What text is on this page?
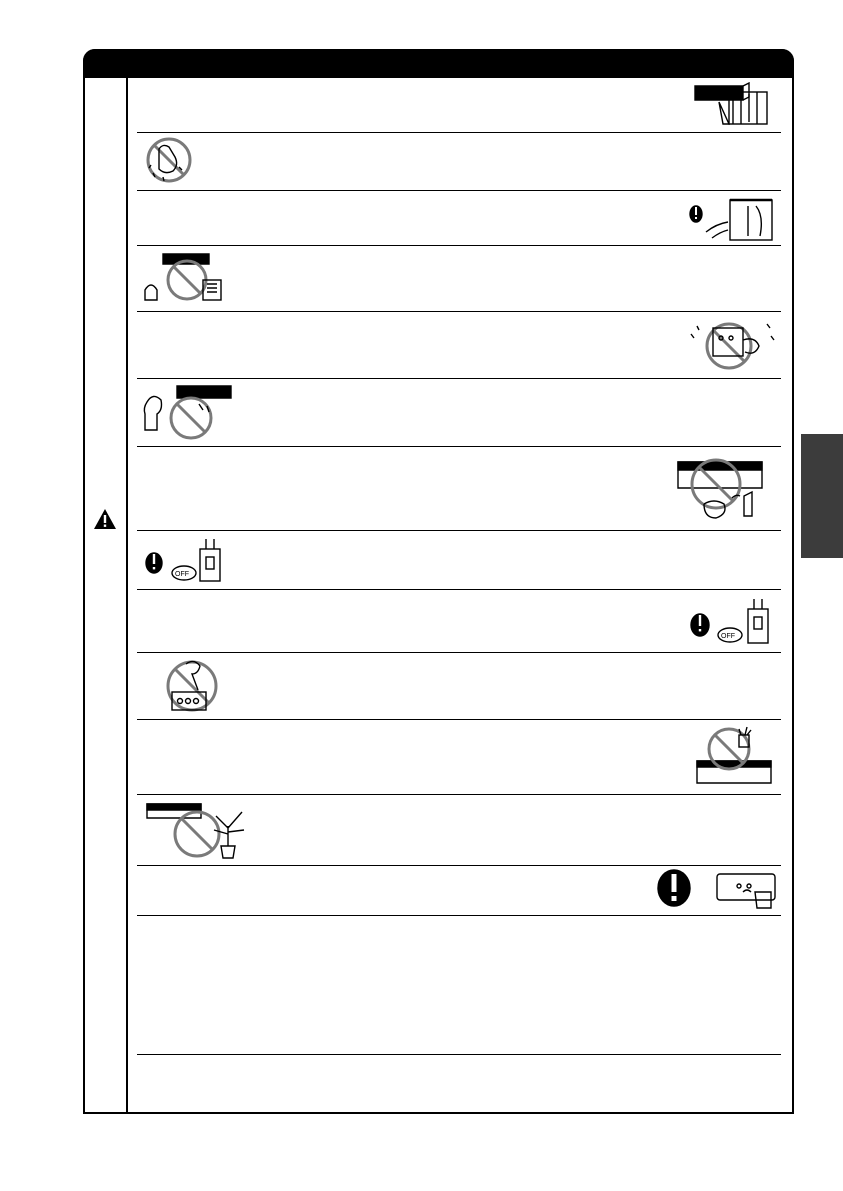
OFF
OFF
